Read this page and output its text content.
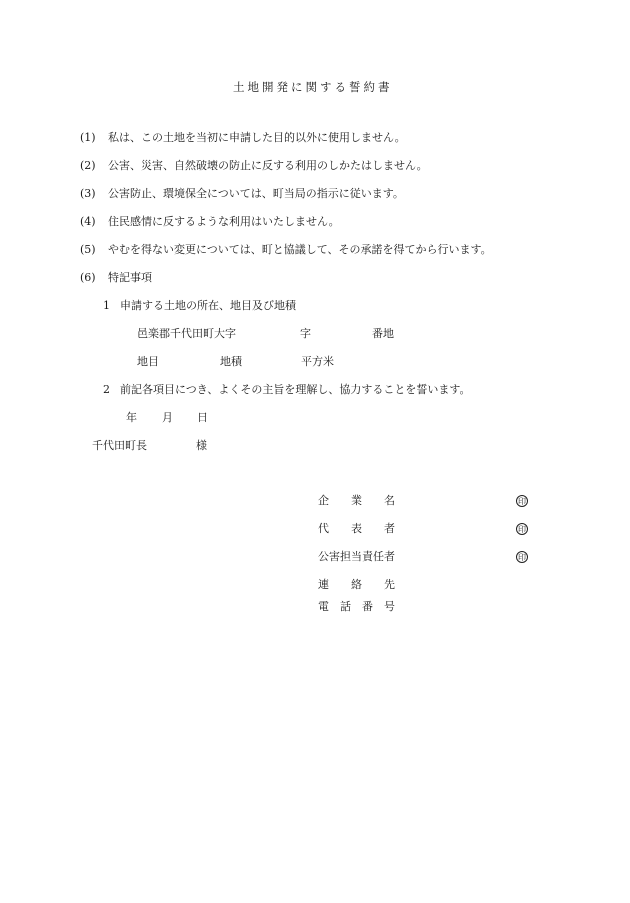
土地開発に関する誓約書
(1) 私は、この土地を当初に申請した目的以外に使用しません。
(2) 公害、災害、自然破壊の防止に反する利用のしかたはしません。
(3) 公害防止、環境保全については、町当局の指示に従います。
(4) 住民感情に反するような利用はいたしません。
(5) やむを得ない変更については、町と協議して、その承諾を得てから行います。
(6) 特記事項
1 申請する土地の所在、地目及び地積
邑楽郡千代田町大字	字	番地
地目	地積	平方米
2 前記各項目につき、よくその主旨を理解し、協力することを誓います。
年 月 日
千代田町長	様
企　　業　　名	印
代　　表　　者	印
公害担当責任者	印
連　　絡　　先
電　話　番　号
